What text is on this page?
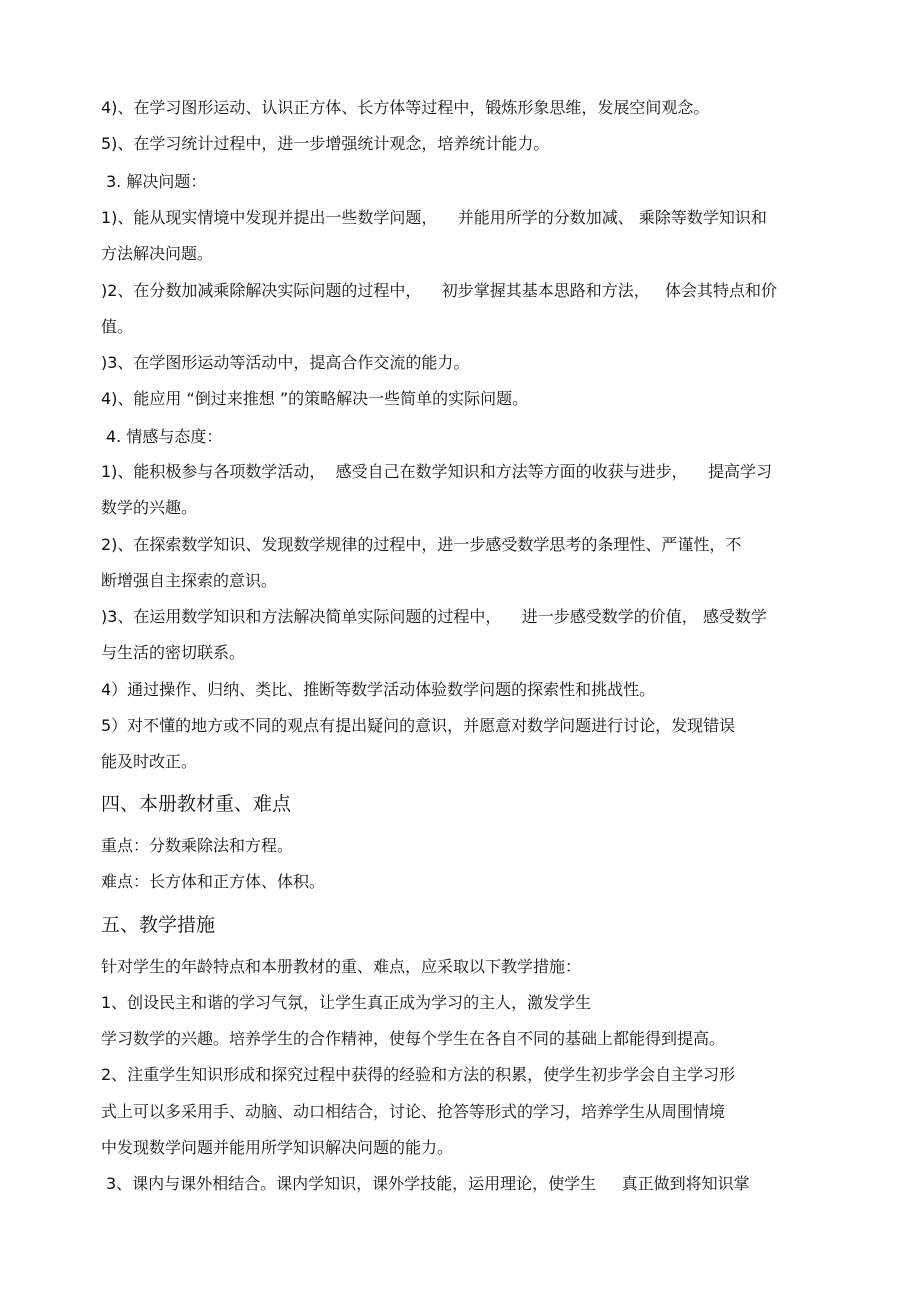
4)、在学习图形运动、认识正方体、长方体等过程中，锻炼形象思维，发展空间观念。
5)、在学习统计过程中，进一步增强统计观念，培养统计能力。
3. 解决问题：
1)、能从现实情境中发现并提出一些数学问题，    并能用所学的分数加减、 乘除等数学知识和
方法解决问题。
)2、在分数加减乘除解决实际问题的过程中，    初步掌握其基本思路和方法，   体会其特点和价
值。
)3、在学图形运动等活动中，提高合作交流的能力。
4)、能应用 “倒过来推想 ”的策略解决一些简单的实际问题。
4. 情感与态度：
1)、能积极参与各项数学活动，  感受自己在数学知识和方法等方面的收获与进步，    提高学习
数学的兴趣。
2)、在探索数学知识、发现数学规律的过程中，进一步感受数学思考的条理性、严谨性，不
断增强自主探索的意识。
)3、在运用数学知识和方法解决简单实际问题的过程中，    进一步感受数学的价值， 感受数学
与生活的密切联系。
4）通过操作、归纳、类比、推断等数学活动体验数学问题的探索性和挑战性。
5）对不懂的地方或不同的观点有提出疑问的意识，并愿意对数学问题进行讨论，发现错误
能及时改正。
四、本册教材重、难点
重点：分数乘除法和方程。
难点：长方体和正方体、体积。
五、教学措施
针对学生的年龄特点和本册教材的重、难点，应采取以下教学措施：
1、创设民主和谐的学习气氛，让学生真正成为学习的主人，激发学生
学习数学的兴趣。培养学生的合作精神，使每个学生在各自不同的基础上都能得到提高。
2、注重学生知识形成和探究过程中获得的经验和方法的积累，使学生初步学会自主学习形
式上可以多采用手、动脑、动口相结合，讨论、抢答等形式的学习，培养学生从周围情境
中发现数学问题并能用所学知识解决问题的能力。
3、课内与课外相结合。课内学知识，课外学技能，运用理论，使学生     真正做到将知识掌
